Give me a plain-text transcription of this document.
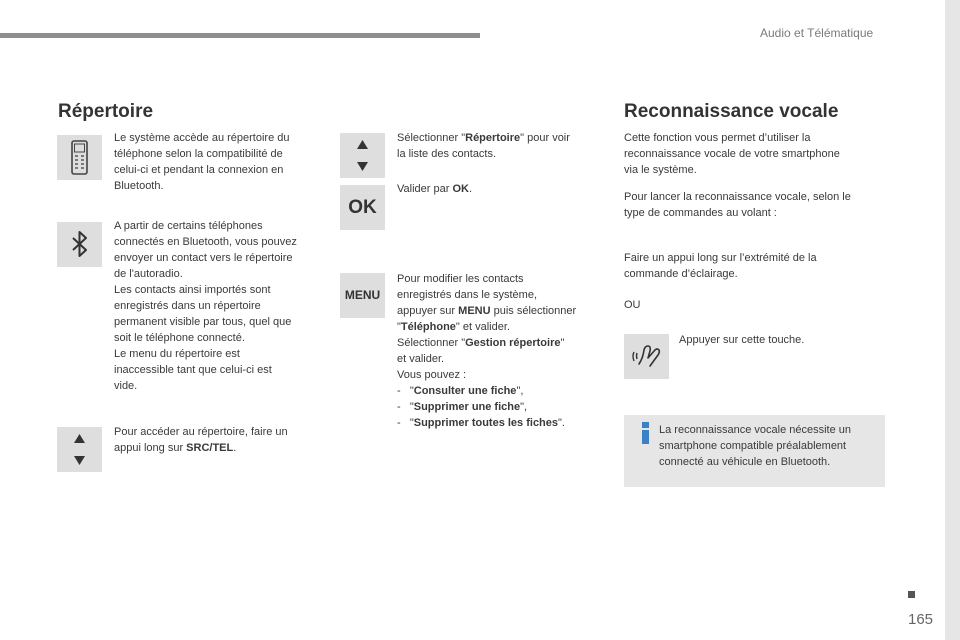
Audio et Télématique
Répertoire
Le système accède au répertoire du
téléphone selon la compatibilité de
celui-ci et pendant la connexion en
Bluetooth.
A partir de certains téléphones
connectés en Bluetooth, vous pouvez
envoyer un contact vers le répertoire
de l'autoradio.
Les contacts ainsi importés sont
enregistrés dans un répertoire
permanent visible par tous, quel que
soit le téléphone connecté.
Le menu du répertoire est
inaccessible tant que celui-ci est
vide.
Pour accéder au répertoire, faire un
appui long sur SRC/TEL.
Sélectionner "Répertoire" pour voir
la liste des contacts.
OK
Valider par OK.
MENU
Pour modifier les contacts
enregistrés dans le système,
appuyer sur MENU puis sélectionner
"Téléphone" et valider.
Sélectionner "Gestion répertoire"
et valider.
Vous pouvez :
- "Consulter une fiche",
- "Supprimer une fiche",
- "Supprimer toutes les fiches".
Reconnaissance vocale
Cette fonction vous permet d’utiliser la
reconnaissance vocale de votre smartphone
via le système.
Pour lancer la reconnaissance vocale, selon le
type de commandes au volant :
Faire un appui long sur l’extrémité de la
commande d’éclairage.
OU
Appuyer sur cette touche.
La reconnaissance vocale nécessite un
smartphone compatible préalablement
connecté au véhicule en Bluetooth.
165
